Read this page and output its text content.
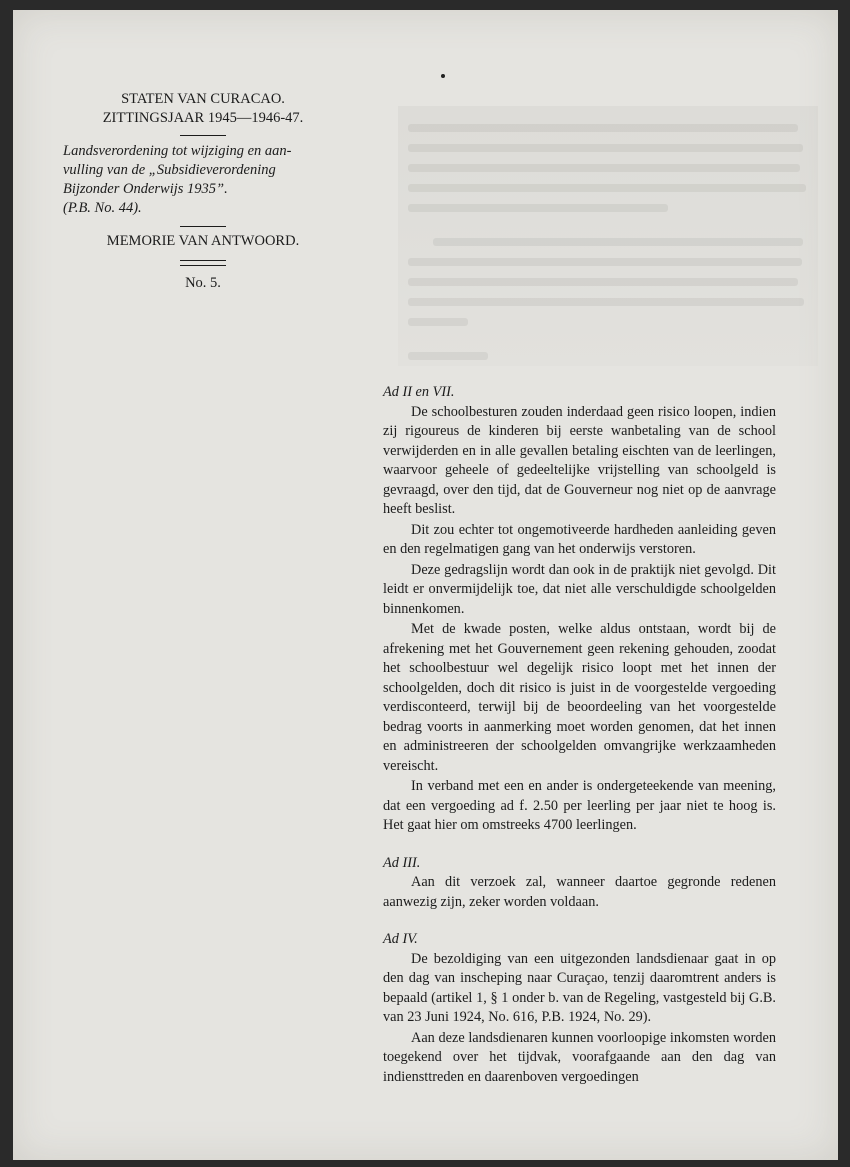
STATEN VAN CURACAO.
ZITTINGSJAAR 1945—1946-47.
Landsverordening tot wijziging en aan-
vulling van de „Subsidieverordening
Bijzonder Onderwijs 1935”.
(P.B. No. 44).
MEMORIE VAN ANTWOORD.
No. 5.

Ad II en VII.

De schoolbesturen zouden inderdaad geen risico loopen, indien zij rigoureus de kinderen bij eerste wanbetaling van de school verwijderden en in alle gevallen betaling eischten van de leerlingen, waarvoor geheele of gedeeltelijke vrijstelling van schoolgeld is gevraagd, over den tijd, dat de Gouverneur nog niet op de aanvrage heeft beslist.

Dit zou echter tot ongemotiveerde hardheden aanleiding geven en den regelmatigen gang van het onderwijs verstoren.

Deze gedragslijn wordt dan ook in de praktijk niet gevolgd. Dit leidt er onvermijdelijk toe, dat niet alle verschuldigde schoolgelden binnenkomen.

Met de kwade posten, welke aldus ontstaan, wordt bij de afrekening met het Gouvernement geen rekening gehouden, zoodat het schoolbestuur wel degelijk risico loopt met het innen der schoolgelden, doch dit risico is juist in de voorgestelde vergoeding verdisconteerd, terwijl bij de beoordeeling van het voorgestelde bedrag voorts in aanmerking moet worden genomen, dat het innen en administreeren der schoolgelden omvangrijke werkzaamheden vereischt.

In verband met een en ander is ondergeteekende van meening, dat een vergoeding ad f. 2.50 per leerling per jaar niet te hoog is. Het gaat hier om omstreeks 4700 leerlingen.

Ad III.

Aan dit verzoek zal, wanneer daartoe gegronde redenen aanwezig zijn, zeker worden voldaan.

Ad IV.

De bezoldiging van een uitgezonden landsdienaar gaat in op den dag van inscheping naar Curaçao, tenzij daaromtrent anders is bepaald (artikel 1, § 1 onder b. van de Regeling, vastgesteld bij G.B. van 23 Juni 1924, No. 616, P.B. 1924, No. 29).

Aan deze landsdienaren kunnen voorloopige inkomsten worden toegekend over het tijdvak, voorafgaande aan den dag van indiensttreden en daarenboven vergoedingen
